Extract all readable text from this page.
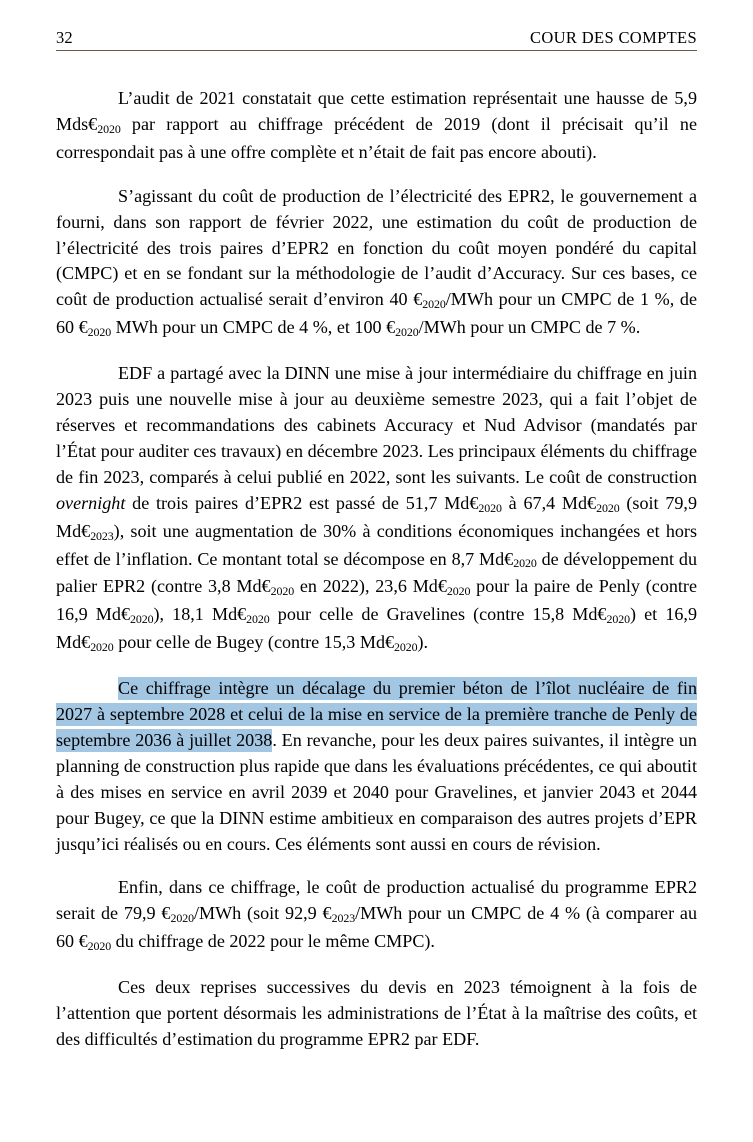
32	COUR DES COMPTES

L’audit de 2021 constatait que cette estimation représentait une hausse de 5,9 $Mds€_{2020}$ par rapport au chiffrage précédent de 2019 (dont il précisait qu’il ne correspondait pas à une offre complète et n’était de fait pas encore abouti).

S’agissant du coût de production de l’électricité des EPR2, le gouvernement a fourni, dans son rapport de février 2022, une estimation du coût de production de l’électricité des trois paires d’EPR2 en fonction du coût moyen pondéré du capital (CMPC) et en se fondant sur la méthodologie de l’audit d’Accuracy. Sur ces bases, ce coût de production actualisé serait d’environ 40 $€_{2020}$/MWh pour un CMPC de 1 %, de 60 $€_{2020}$ MWh pour un CMPC de 4 %, et 100 $€_{2020}$/MWh pour un CMPC de 7 %.

EDF a partagé avec la DINN une mise à jour intermédiaire du chiffrage en juin 2023 puis une nouvelle mise à jour au deuxième semestre 2023, qui a fait l’objet de réserves et recommandations des cabinets Accuracy et Nud Advisor (mandatés par l’État pour auditer ces travaux) en décembre 2023. Les principaux éléments du chiffrage de fin 2023, comparés à celui publié en 2022, sont les suivants. Le coût de construction overnight de trois paires d’EPR2 est passé de 51,7 $Md€_{2020}$ à 67,4 $Md€_{2020}$ (soit 79,9 $Md€_{2023}$), soit une augmentation de 30% à conditions économiques inchangées et hors effet de l’inflation. Ce montant total se décompose en 8,7 $Md€_{2020}$ de développement du palier EPR2 (contre 3,8 $Md€_{2020}$ en 2022), 23,6 $Md€_{2020}$ pour la paire de Penly (contre 16,9 $Md€_{2020}$), 18,1 $Md€_{2020}$ pour celle de Gravelines (contre 15,8 $Md€_{2020}$) et 16,9 $Md€_{2020}$ pour celle de Bugey (contre 15,3 $Md€_{2020}$).

Ce chiffrage intègre un décalage du premier béton de l’îlot nucléaire de fin 2027 à septembre 2028 et celui de la mise en service de la première tranche de Penly de septembre 2036 à juillet 2038. En revanche, pour les deux paires suivantes, il intègre un planning de construction plus rapide que dans les évaluations précédentes, ce qui aboutit à des mises en service en avril 2039 et 2040 pour Gravelines, et janvier 2043 et 2044 pour Bugey, ce que la DINN estime ambitieux en comparaison des autres projets d’EPR jusqu’ici réalisés ou en cours. Ces éléments sont aussi en cours de révision.

Enfin, dans ce chiffrage, le coût de production actualisé du programme EPR2 serait de 79,9 $€_{2020}$/MWh (soit 92,9 $€_{2023}$/MWh pour un CMPC de 4 % (à comparer au 60 $€_{2020}$ du chiffrage de 2022 pour le même CMPC).

Ces deux reprises successives du devis en 2023 témoignent à la fois de l’attention que portent désormais les administrations de l’État à la maîtrise des coûts, et des difficultés d’estimation du programme EPR2 par EDF.
